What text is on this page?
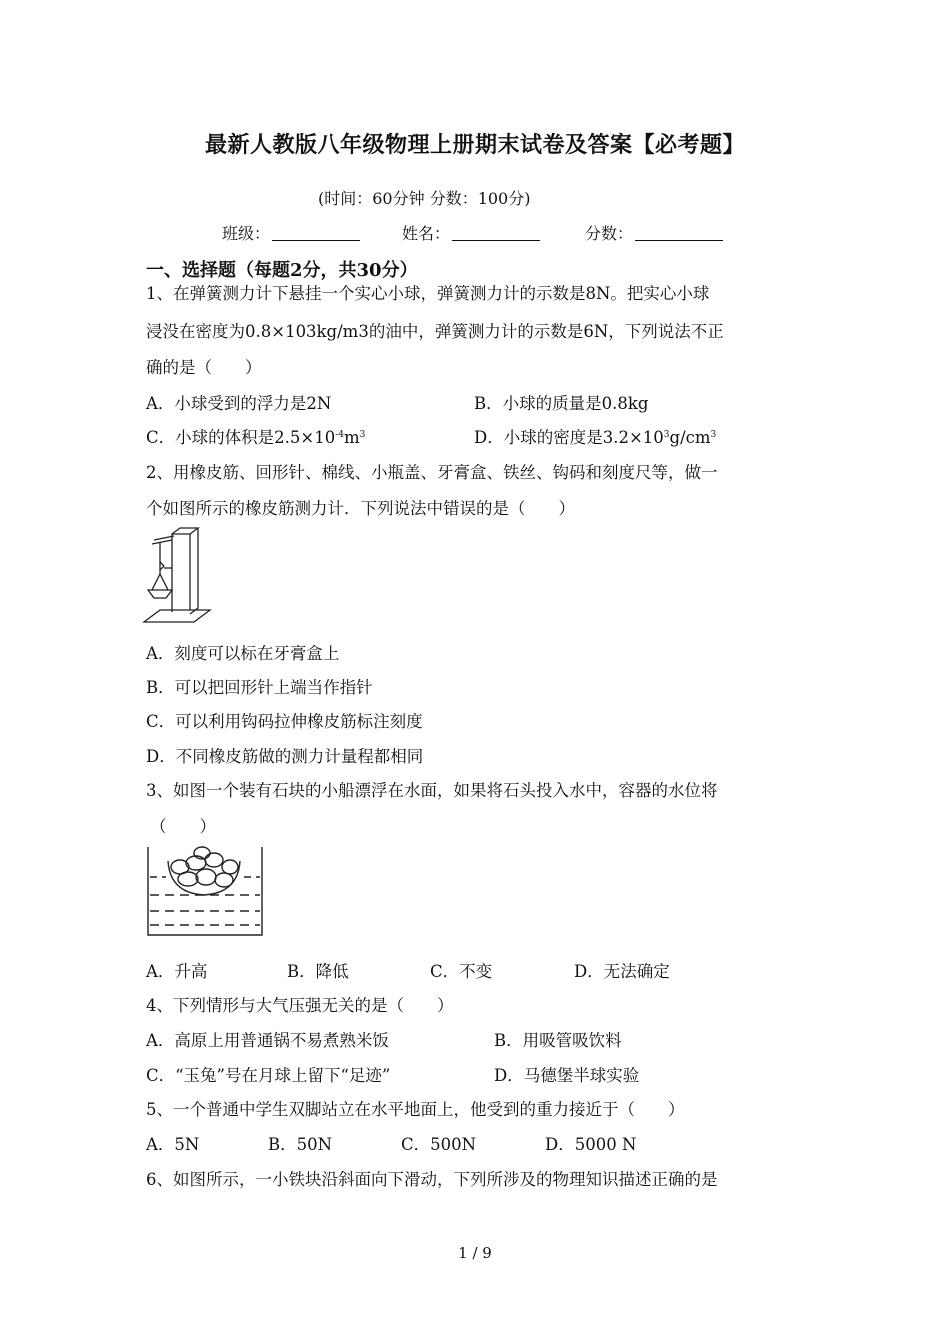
最新人教版八年级物理上册期末试卷及答案【必考题】
(时间：60分钟 分数：100分)
班级：	姓名：	分数：
一、选择题（每题2分，共30分）
1、在弹簧测力计下悬挂一个实心小球，弹簧测力计的示数是8N。把实心小球
浸没在密度为0.8×103kg/m3的油中，弹簧测力计的示数是6N，下列说法不正
确的是（　　）
A．小球受到的浮力是2N	B．小球的质量是0.8kg
C．小球的体积是$2.5\times 10^{-4}m^3$	D．小球的密度是$3.2\times 10^3g/cm^3$
2、用橡皮筋、回形针、棉线、小瓶盖、牙膏盒、铁丝、钩码和刻度尺等，做一
个如图所示的橡皮筋测力计．下列说法中错误的是（　　）
A．刻度可以标在牙膏盒上
B．可以把回形针上端当作指针
C．可以利用钩码拉伸橡皮筋标注刻度
D．不同橡皮筋做的测力计量程都相同
3、如图一个装有石块的小船漂浮在水面，如果将石头投入水中，容器的水位将
（　　）
A．升高	B．降低	C．不变	D．无法确定
4、下列情形与大气压强无关的是（　　）
A．高原上用普通锅不易煮熟米饭	B．用吸管吸饮料
C．“玉兔”号在月球上留下“足迹”	D．马德堡半球实验
5、一个普通中学生双脚站立在水平地面上，他受到的重力接近于（　　）
A．5N	B．50N	C．500N	D．5000 N
6、如图所示，一小铁块沿斜面向下滑动，下列所涉及的物理知识描述正确的是
1 / 9
